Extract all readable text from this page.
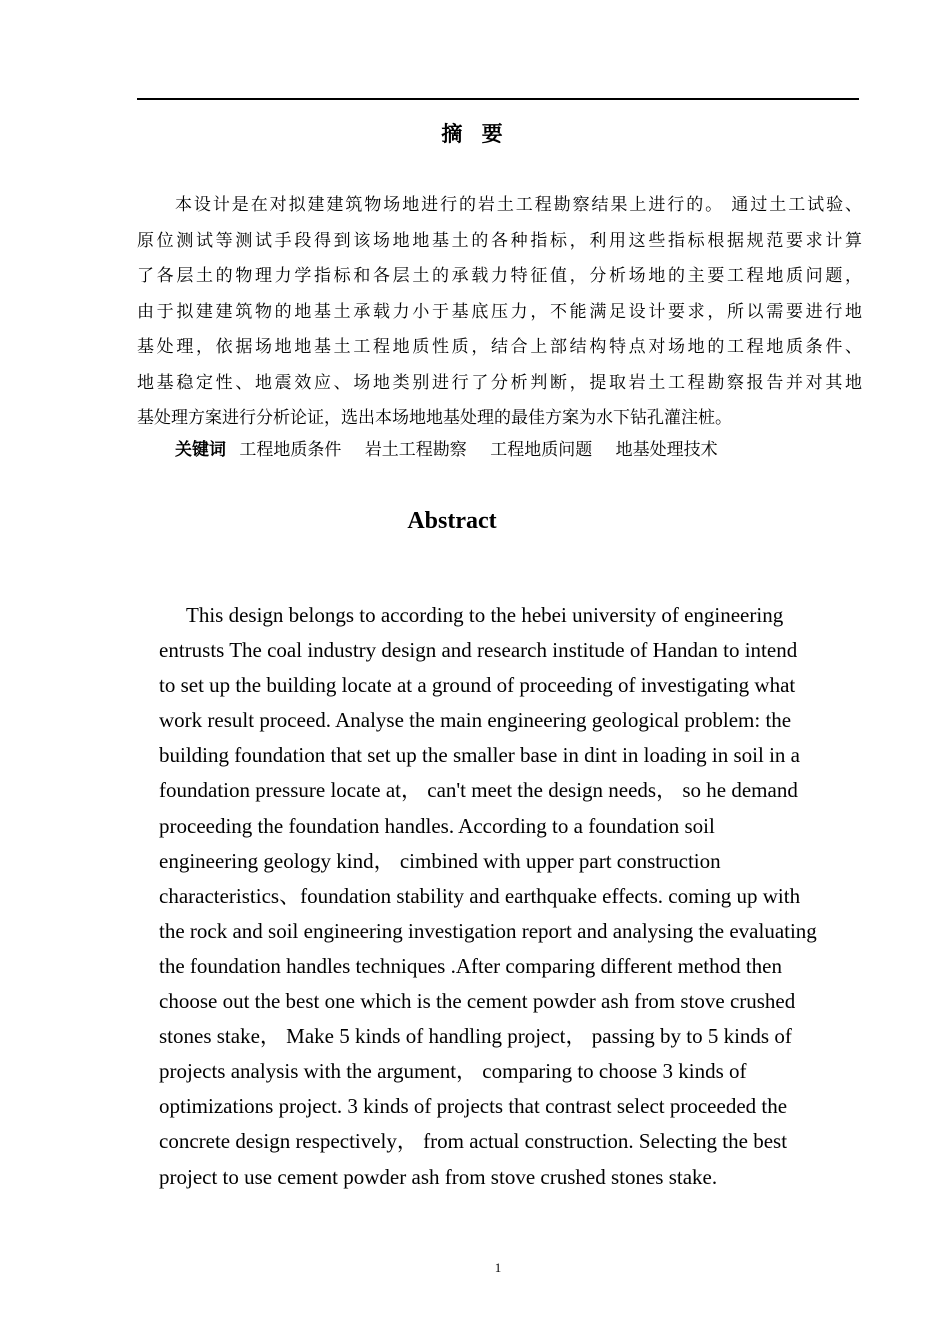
摘 要
本设计是在对拟建建筑物场地进行的岩土工程勘察结果上进行的。 通过土工试验、
原位测试等测试手段得到该场地地基土的各种指标，利用这些指标根据规范要求计算
了各层土的物理力学指标和各层土的承载力特征值，分析场地的主要工程地质问题，
由于拟建建筑物的地基土承载力小于基底压力，不能满足设计要求，所以需要进行地
基处理，依据场地地基土工程地质性质，结合上部结构特点对场地的工程地质条件、
地基稳定性、地震效应、场地类别进行了分析判断，提取岩土工程勘察报告并对其地
基处理方案进行分析论证，选出本场地地基处理的最佳方案为水下钻孔灌注桩。
关键词 工程地质条件 岩土工程勘察 工程地质问题 地基处理技术
Abstract
This design belongs to according to the hebei university of engineering
entrusts The coal industry design and research institude of Handan to intend
to set up the building locate at a ground of proceeding of investigating what
work result proceed. Analyse the main engineering geological problem: the
building foundation that set up the smaller base in dint in loading in soil in a
foundation pressure locate at， can't meet the design needs， so he demand
proceeding the foundation handles. According to a foundation soil
engineering geology kind， cimbined with upper part construction
characteristics、foundation stability and earthquake effects. coming up with
the rock and soil engineering investigation report and analysing the evaluating
the foundation handles techniques .After comparing different method then
choose out the best one which is the cement powder ash from stove crushed
stones stake， Make 5 kinds of handling project， passing by to 5 kinds of
projects analysis with the argument， comparing to choose 3 kinds of
optimizations project. 3 kinds of projects that contrast select proceeded the
concrete design respectively， from actual construction. Selecting the best
project to use cement powder ash from stove crushed stones stake.
1
